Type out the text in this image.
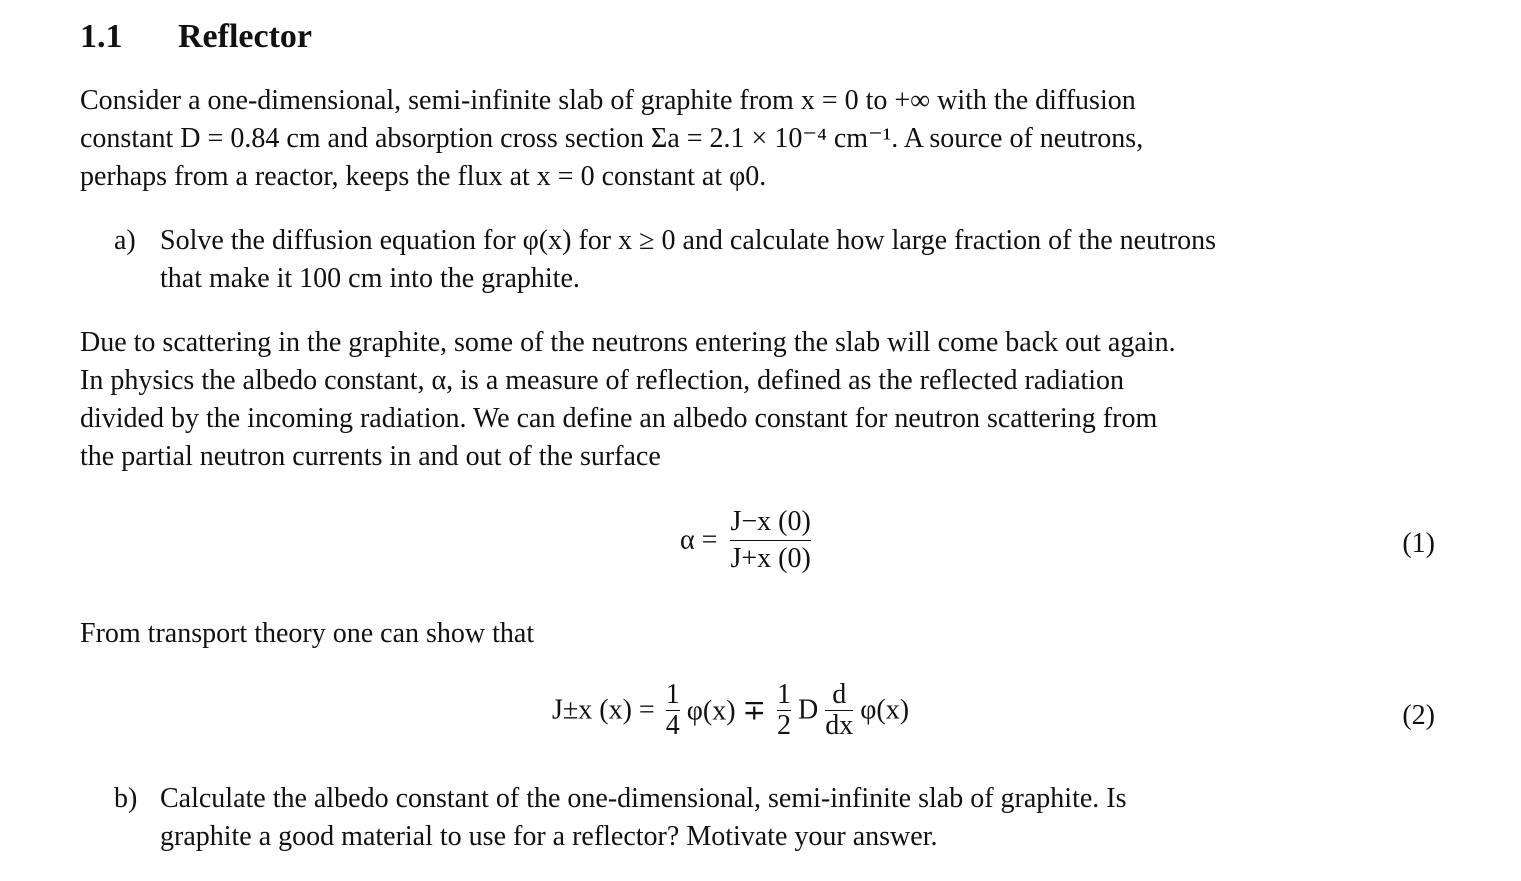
1.1 Reflector
Consider a one-dimensional, semi-infinite slab of graphite from x = 0 to +∞ with the diffusion
constant D = 0.84 cm and absorption cross section Σa = 2.1 × 10⁻⁴ cm⁻¹. A source of neutrons,
perhaps from a reactor, keeps the flux at x = 0 constant at φ0.
a) Solve the diffusion equation for φ(x) for x ≥ 0 and calculate how large fraction of the neutrons
that make it 100 cm into the graphite.
Due to scattering in the graphite, some of the neutrons entering the slab will come back out again.
In physics the albedo constant, α, is a measure of reflection, defined as the reflected radiation
divided by the incoming radiation. We can define an albedo constant for neutron scattering from
the partial neutron currents in and out of the surface
$\alpha = \frac{J-x (0)}{J+x (0)}$	(1)
From transport theory one can show that
J±x $(x) = \frac{1}{4} \varphi(x) \mp \frac{1}{2}$ D $\frac{d}{dx} \varphi(x)$	(2)
b) Calculate the albedo constant of the one-dimensional, semi-infinite slab of graphite. Is
graphite a good material to use for a reflector? Motivate your answer.
